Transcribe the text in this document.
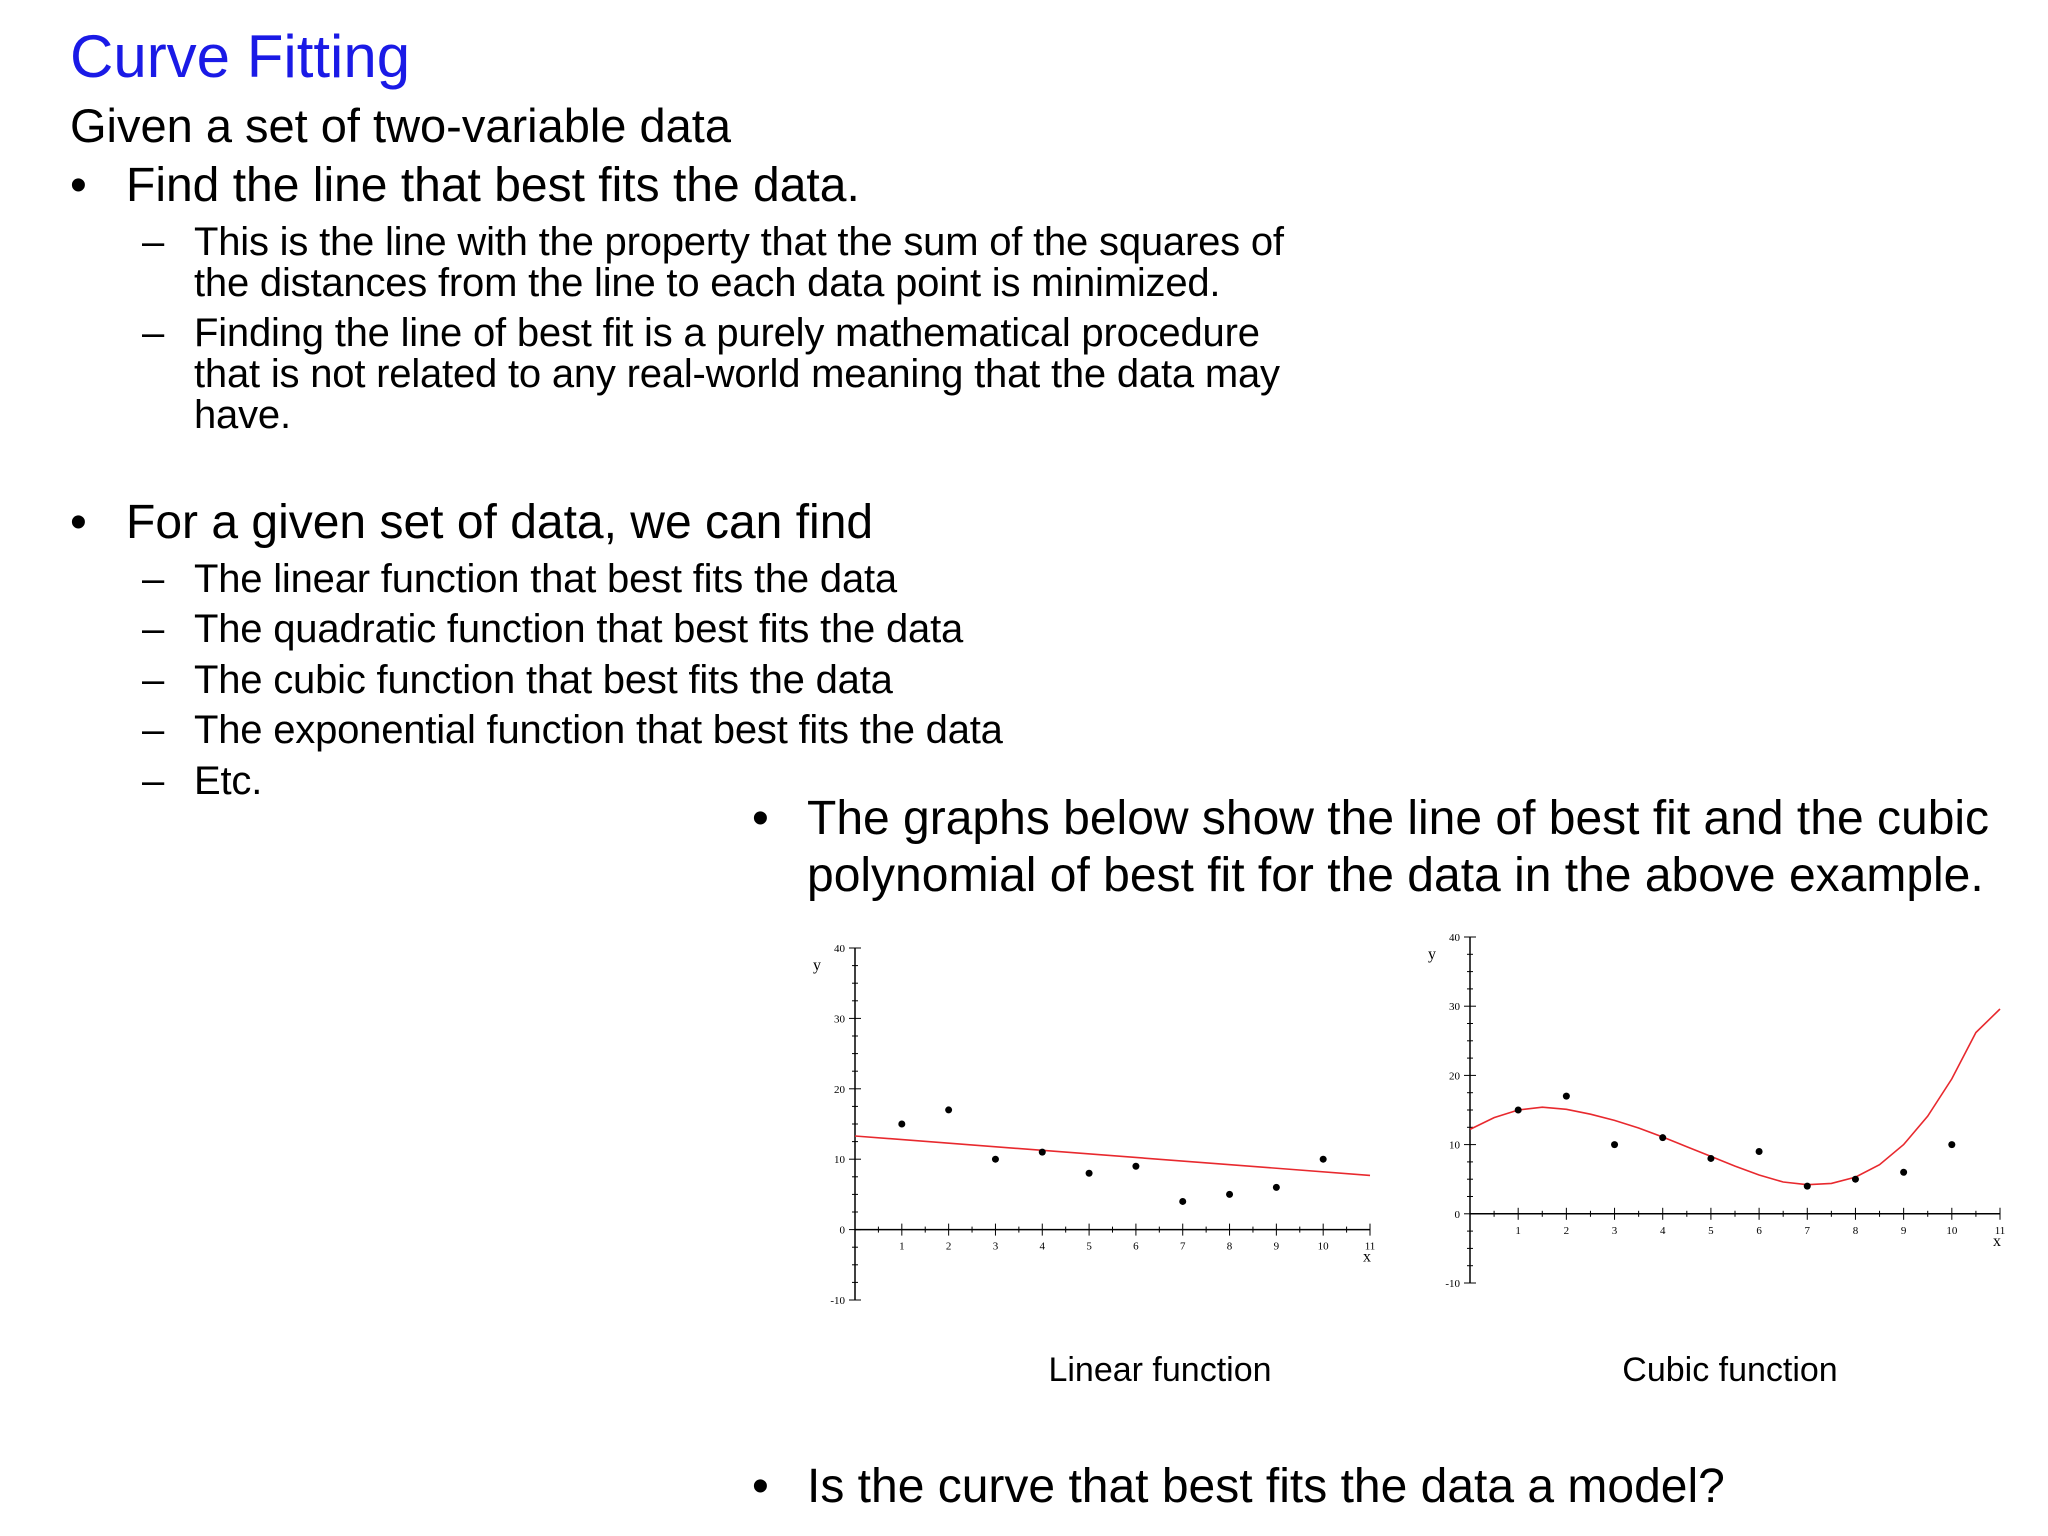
Curve Fitting
Given a set of two-variable data
• Find the line that best fits the data.
– This is the line with the property that the sum of the squares of
the distances from the line to each data point is minimized.
– Finding the line of best fit is a purely mathematical procedure
that is not related to any real-world meaning that the data may
have.
• For a given set of data, we can find
– The linear function that best fits the data
– The quadratic function that best fits the data
– The cubic function that best fits the data
– The exponential function that best fits the data
– Etc.
• The graphs below show the line of best fit and the cubic
polynomial of best fit for the data in the above example.
1	2	3	4	5	6	7	8	9	10	11
-10
0
10
20
30
40
x
y
1	2	3	4	5	6	7	8	9	10	11
-10
0
10
20
30
40
x
y
Linear function	Cubic function
• Is the curve that best fits the data a model?
